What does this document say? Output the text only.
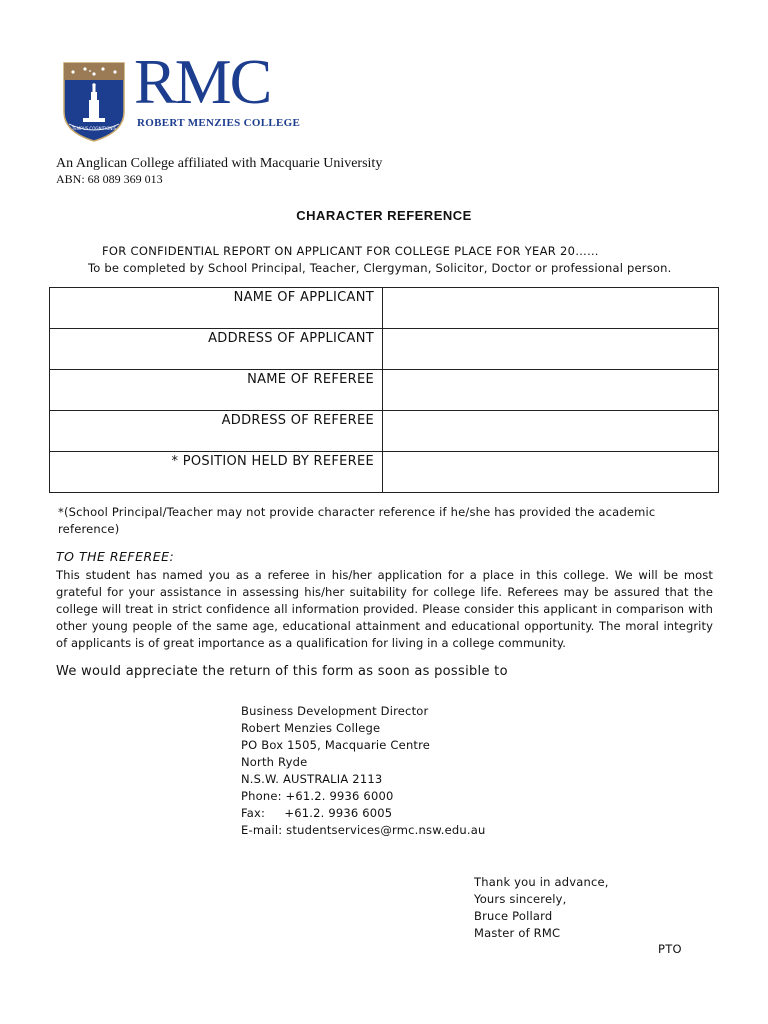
TEMPUS COGNITIONIS
RMC
ROBERT MENZIES COLLEGE
An Anglican College affiliated with Macquarie University
ABN: 68 089 369 013
CHARACTER REFERENCE
FOR CONFIDENTIAL REPORT ON APPLICANT FOR COLLEGE PLACE FOR YEAR 20……
To be completed by School Principal, Teacher, Clergyman, Solicitor, Doctor or professional person.
NAME OF APPLICANT	
ADDRESS OF APPLICANT	
NAME OF REFEREE	
ADDRESS OF REFEREE	
* POSITION HELD BY REFEREE	
*(School Principal/Teacher may not provide character reference if he/she has provided the academic reference)
TO THE REFEREE:
This student has named you as a referee in his/her application for a place in this college. We will be most grateful for your assistance in assessing his/her suitability for college life. Referees may be assured that the college will treat in strict confidence all information provided. Please consider this applicant in comparison with other young people of the same age, educational attainment and educational opportunity. The moral integrity of applicants is of great importance as a qualification for living in a college community.
We would appreciate the return of this form as soon as possible to
Business Development Director
Robert Menzies College
PO Box 1505, Macquarie Centre
North Ryde
N.S.W. AUSTRALIA 2113
Phone: +61.2. 9936 6000
Fax:     +61.2. 9936 6005
E-mail: studentservices@rmc.nsw.edu.au
Thank you in advance,
Yours sincerely,
Bruce Pollard
Master of RMC
PTO
